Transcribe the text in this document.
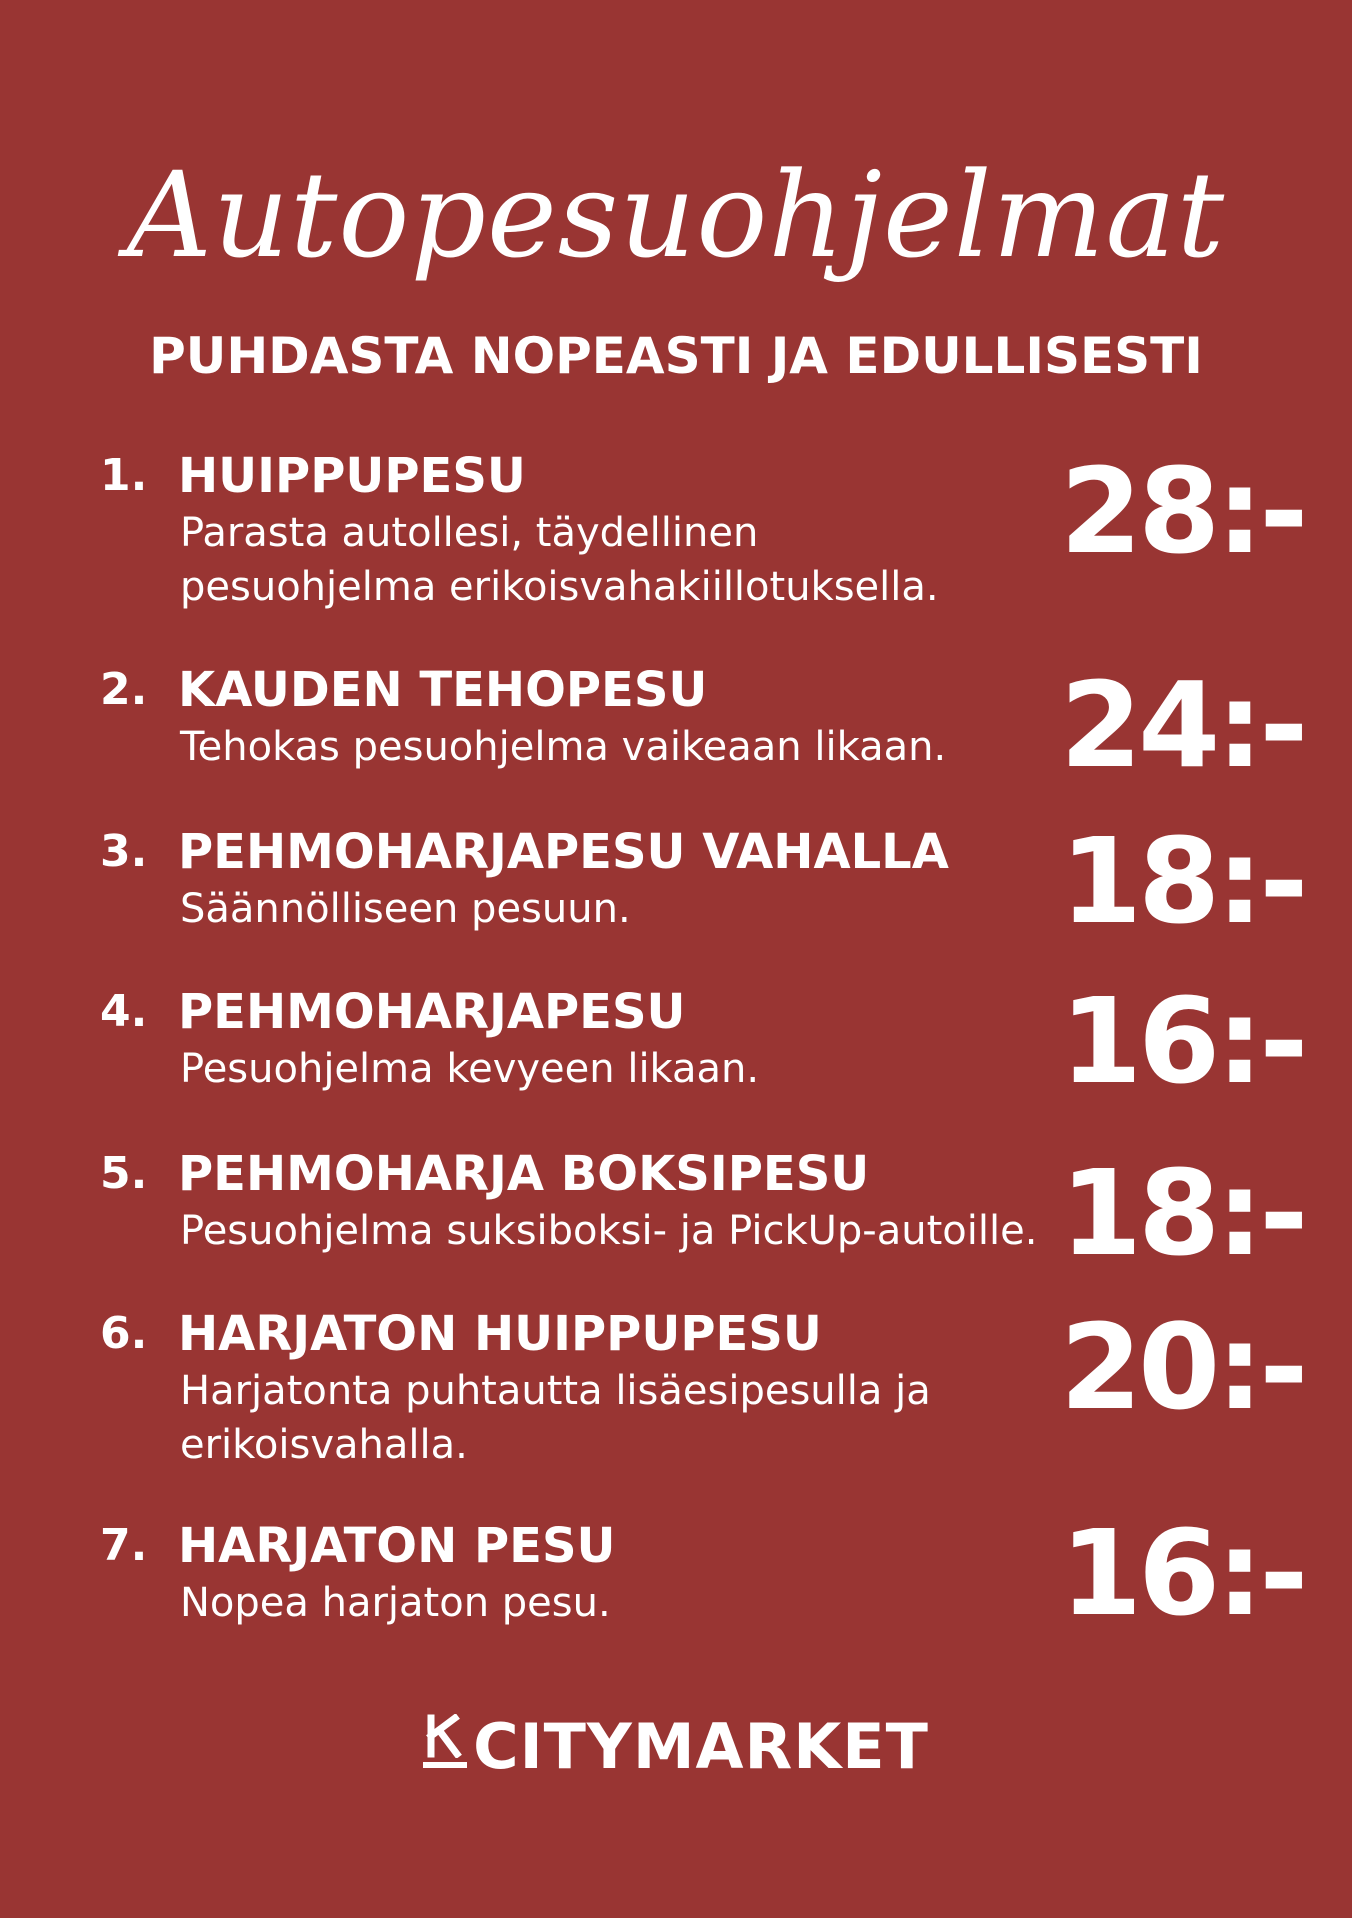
Autopesuohjelmat
PUHDASTA NOPEASTI JA EDULLISESTI
1. HUIPPUPESU
Parasta autollesi, täydellinen
pesuohjelma erikoisvahakiillotuksella.
28:-
2. KAUDEN TEHOPESU
Tehokas pesuohjelma vaikeaan likaan. 24:-
3. PEHMOHARJAPESU VAHALLA
Säännölliseen pesuun.	18:-
4. PEHMOHARJAPESU
Pesuohjelma kevyeen likaan.	16:-
5. PEHMOHARJA BOKSIPESU
Pesuohjelma suksiboksi- ja PickUp-autoille. 18:-
6. HARJATON HUIPPUPESU
Harjatonta puhtautta lisäesipesulla ja
erikoisvahalla.
20:-
7. HARJATON PESU
Nopea harjaton pesu.	16:-
CITYMARKET
